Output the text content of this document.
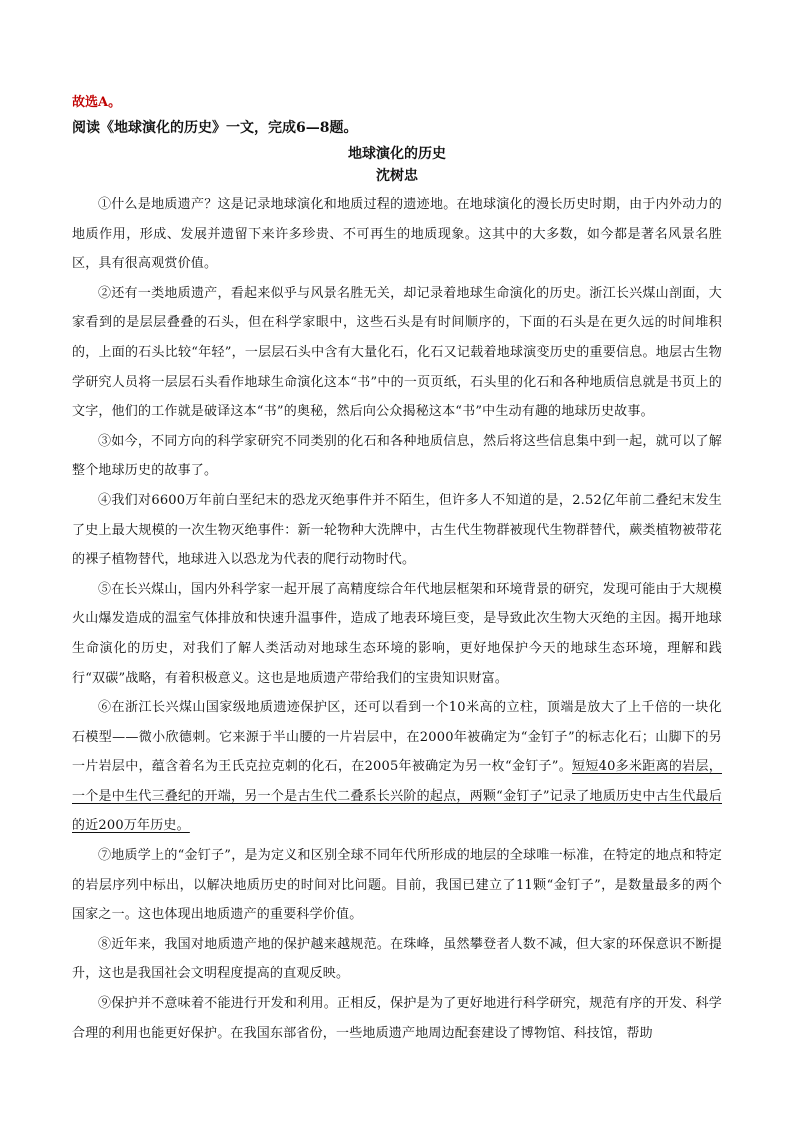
故选A。

阅读《地球演化的历史》一文，完成6—8题。

地球演化的历史

沈树忠

①什么是地质遗产？这是记录地球演化和地质过程的遗迹地。在地球演化的漫长历史时期，由于内外动力的地质作用，形成、发展并遗留下来许多珍贵、不可再生的地质现象。这其中的大多数，如今都是著名风景名胜区，具有很高观赏价值。

②还有一类地质遗产，看起来似乎与风景名胜无关，却记录着地球生命演化的历史。浙江长兴煤山剖面，大家看到的是层层叠叠的石头，但在科学家眼中，这些石头是有时间顺序的，下面的石头是在更久远的时间堆积的，上面的石头比较“年轻”，一层层石头中含有大量化石，化石又记载着地球演变历史的重要信息。地层古生物学研究人员将一层层石头看作地球生命演化这本“书”中的一页页纸，石头里的化石和各种地质信息就是书页上的文字，他们的工作就是破译这本“书”的奥秘，然后向公众揭秘这本“书”中生动有趣的地球历史故事。

③如今，不同方向的科学家研究不同类别的化石和各种地质信息，然后将这些信息集中到一起，就可以了解整个地球历史的故事了。

④我们对6600万年前白垩纪末的恐龙灭绝事件并不陌生，但许多人不知道的是，2.52亿年前二叠纪末发生了史上最大规模的一次生物灭绝事件：新一轮物种大洗牌中，古生代生物群被现代生物群替代，蕨类植物被带花的裸子植物替代，地球进入以恐龙为代表的爬行动物时代。

⑤在长兴煤山，国内外科学家一起开展了高精度综合年代地层框架和环境背景的研究，发现可能由于大规模火山爆发造成的温室气体排放和快速升温事件，造成了地表环境巨变，是导致此次生物大灭绝的主因。揭开地球生命演化的历史，对我们了解人类活动对地球生态环境的影响，更好地保护今天的地球生态环境，理解和践行“双碳”战略，有着积极意义。这也是地质遗产带给我们的宝贵知识财富。

⑥在浙江长兴煤山国家级地质遗迹保护区，还可以看到一个10米高的立柱，顶端是放大了上千倍的一块化石模型——微小欣德刺。它来源于半山腰的一片岩层中，在2000年被确定为“金钉子”的标志化石；山脚下的另一片岩层中，蕴含着名为王氏克拉克刺的化石，在2005年被确定为另一枚“金钉子”。短短40多米距离的岩层，一个是中生代三叠纪的开端，另一个是古生代二叠系长兴阶的起点，两颗“金钉子”记录了地质历史中古生代最后的近200万年历史。

⑦地质学上的“金钉子”，是为定义和区别全球不同年代所形成的地层的全球唯一标准，在特定的地点和特定的岩层序列中标出，以解决地质历史的时间对比问题。目前，我国已建立了11颗“金钉子”，是数量最多的两个国家之一。这也体现出地质遗产的重要科学价值。

⑧近年来，我国对地质遗产地的保护越来越规范。在珠峰，虽然攀登者人数不减，但大家的环保意识不断提升，这也是我国社会文明程度提高的直观反映。

⑨保护并不意味着不能进行开发和利用。正相反，保护是为了更好地进行科学研究，规范有序的开发、科学合理的利用也能更好保护。在我国东部省份，一些地质遗产地周边配套建设了博物馆、科技馆，帮助
